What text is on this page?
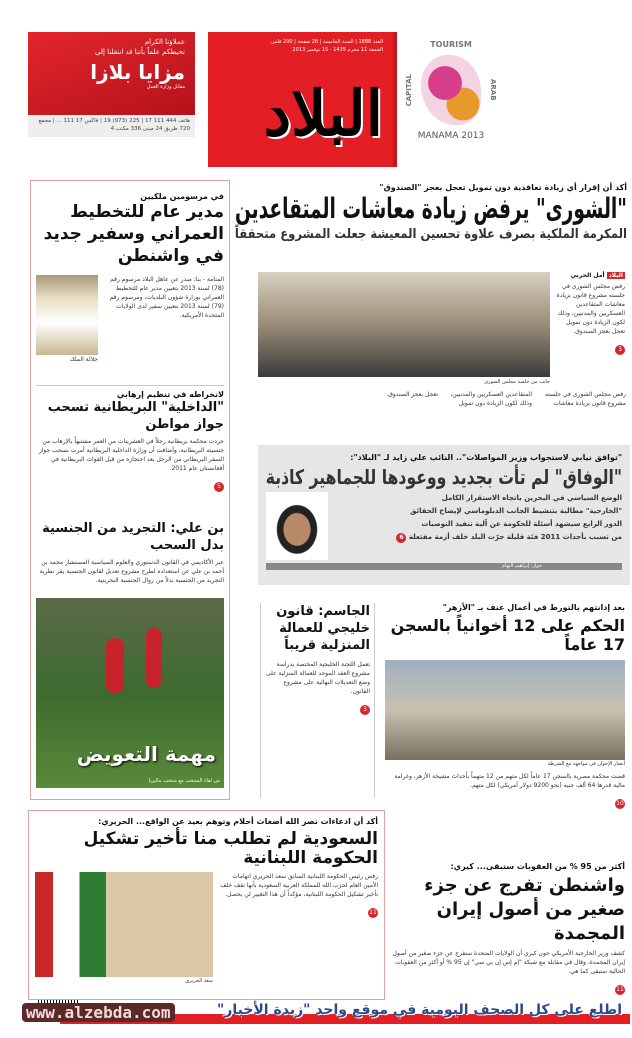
عملاؤنا الكرام
نحيطكم علماً بأننا قد انتقلنا إلى
مزايا بلازا
مقابل وزارة العمل
هاتف 444 111 17 | 225 (973) 19 | فاكس 17 111 ... | مجمع 720 طريق 24 مبنى 336 مكتب 4
العدد 1888 | السنة الخامسة | 28 صفحة | 200 فلس
الجمعة 11 محرم 1435 - 15 نوفمبر 2013
البلاد
TOURISM
CAPITAL	ARAB
MANAMA 2013
في مرسومين ملكيين
مدير عام للتخطيط العمراني وسفير جديد في واشنطن
المنامة - بنا: صدر عن عاهل البلاد مرسوم رقم (78) لسنة 2013 بتعيين مدير عام للتخطيط العمراني بوزارة شؤون البلديات، ومرسوم رقم (79) لسنة 2013 بتعيين سفير لدى الولايات المتحدة الأمريكية.
جلالة الملك
لانخراطه في تنظيم إرهابي
"الداخلية" البريطانية تسحب جواز مواطن
جردت محكمة بريطانية رجلاً في العشرينات من العمر مشتبهاً بالإرهاب من جنسيته البريطانية، وأضافت أن وزارة الداخلية البريطانية أمرت بسحب جواز السفر البريطاني من الرجل بعد احتجازه من قبل القوات البريطانية في أفغانستان عام 2011.
5
بن علي: التجريد من الجنسية بدل السحب
عبر الأكاديمي في القانون الدستوري والعلوم السياسية المستشار محمد بن أحمد بن علي عن استعداده لطرح مشروع تعديل لقانون الجنسية يقر نظرية التجريد من الجنسية بدلاً من زوال الجنسية البحرينية.
مهمة التعويض
من لقاء المنتخب مع منتخب ماليزيا
أكد أن إقرار أي زيادة تعاقدية دون تمويل تعجل بعجز "الصندوق"
"الشورى" يرفض زيادة معاشات المتقاعدين
المكرمة الملكية بصرف علاوة تحسين المعيشة جعلت المشروع متحققاً
البلاد أمل الحربي
رفض مجلس الشورى في جلسته مشروع قانون بزيادة معاشات المتقاعدين العسكريين والمدنيين، وذلك لكون الزيادة دون تمويل تعجل بعجز الصندوق.
3
جانب من جلسة مجلس الشورى
رفض مجلس الشورى في جلسته مشروع قانون بزيادة معاشات المتقاعدين العسكريين والمدنيين، وذلك لكون الزيادة دون تمويل تعجل بعجز الصندوق.
"توافق نيابي لاستجواب وزير المواصلات".. النائب علي زايد لـ "البلاد":
"الوفاق" لم تأت بجديد ووعودها للجماهير كاذبة
الوضع السياسي في البحرين باتجاه الاستقرار الكامل
"الخارجية" مطالبة بتنشيط الجانب الدبلوماسي لإيضاح الحقائق
الدور الرابع سيشهد أسئلة للحكومة عن آلية تنفيذ التوصيات
من تسبب بأحداث 2011 فئة قليلة جرّت البلد خلف أزمة مفتعلة 6
حوار: إبراهيم النهام
بعد إدانتهم بالتورط في أعمال عنف بـ "الأزهر"
الحكم على 12 أخوانياً بالسجن 17 عاماً
أنصار الإخوان في مواجهة مع الشرطة
قضت محكمة مصرية بالسجن 17 عاماً لكل متهم من 12 متهماً بأحداث مشيخة الأزهر، وغرامة مالية قدرها 64 ألف جنيه (نحو 9200 دولار أمريكي) لكل متهم.
10
الجاسم: قانون خليجي للعمالة المنزلية قريباً
تعمل اللجنة الخليجية المختصة بدراسة مشروع العقد الموحد للعمالة المنزلية على وضع التعديلات النهائية على مشروع القانون.
3
أكد أن ادعاءات نصر الله أضغاث أحلام وتوهم بعيد عن الواقع... الحريري:
السعودية لم تطلب منا تأخير تشكيل الحكومة اللبنانية
رفض رئيس الحكومة اللبنانية السابق سعد الحريري اتهامات الأمين العام لحزب الله للمملكة العربية السعودية بأنها تقف خلف تأخير تشكيل الحكومة اللبنانية، مؤكداً أن هذا التغيير لن يحصل.
11
سعد الحريري
أكثر من 95 % من العقوبات ستبقى... كيري:
واشنطن تفرج عن جزء صغير من أصول إيران المجمدة
كشف وزير الخارجية الأمريكي جون كيري أن الولايات المتحدة ستفرج عن جزء صغير من أصول إيران المجمدة، وقال في مقابلة مع شبكة "إم إس إن بي سي" إن 95 % أو أكثر من العقوبات الحالية ستبقى كما هي.
11
www.alzebda.com	اطلع على كل الصحف اليومية في موقع واحد "زبدة الأخبار"
